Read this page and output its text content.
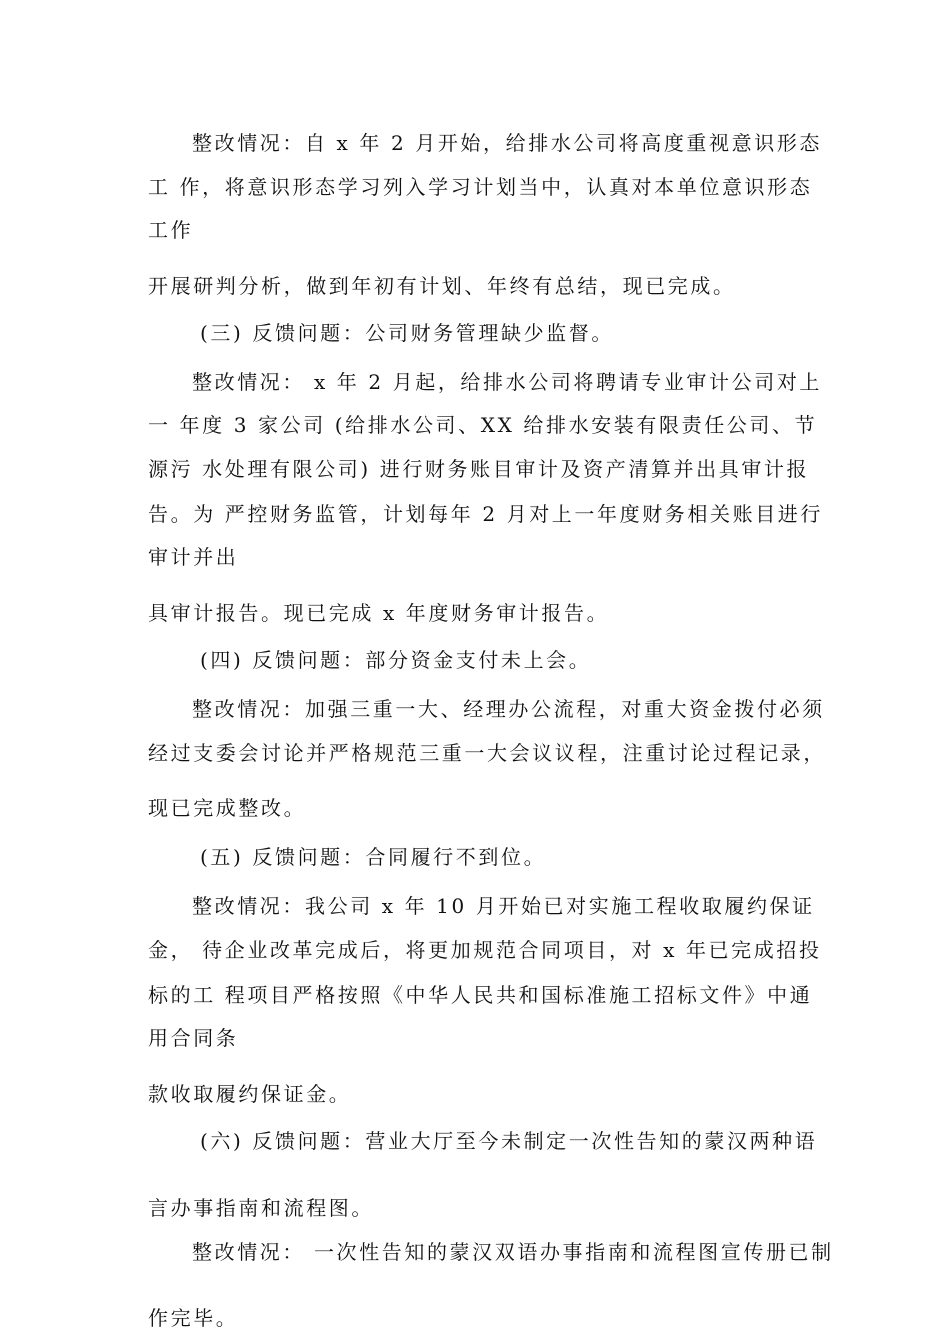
整改情况：自 x 年 2 月开始，给排水公司将高度重视意识形态
工 作，将意识形态学习列入学习计划当中，认真对本单位意识形态
工作
开展研判分析，做到年初有计划、年终有总结，现已完成。
(三) 反馈问题：公司财务管理缺少监督。
整改情况： x 年 2 月起，给排水公司将聘请专业审计公司对上
一 年度 3 家公司 (给排水公司、XX 给排水安装有限责任公司、节
源污 水处理有限公司) 进行财务账目审计及资产清算并出具审计报
告。为 严控财务监管，计划每年 2 月对上一年度财务相关账目进行
审计并出
具审计报告。现已完成 x 年度财务审计报告。
(四) 反馈问题：部分资金支付未上会。
整改情况：加强三重一大、经理办公流程，对重大资金拨付必须
经过支委会讨论并严格规范三重一大会议议程，注重讨论过程记录，
现已完成整改。
(五) 反馈问题：合同履行不到位。
整改情况：我公司 x 年 10 月开始已对实施工程收取履约保证
金， 待企业改革完成后，将更加规范合同项目，对 x 年已完成招投
标的工 程项目严格按照《中华人民共和国标准施工招标文件》中通
用合同条
款收取履约保证金。
(六) 反馈问题：营业大厅至今未制定一次性告知的蒙汉两种语
言办事指南和流程图。
整改情况： 一次性告知的蒙汉双语办事指南和流程图宣传册已制
作完毕。
